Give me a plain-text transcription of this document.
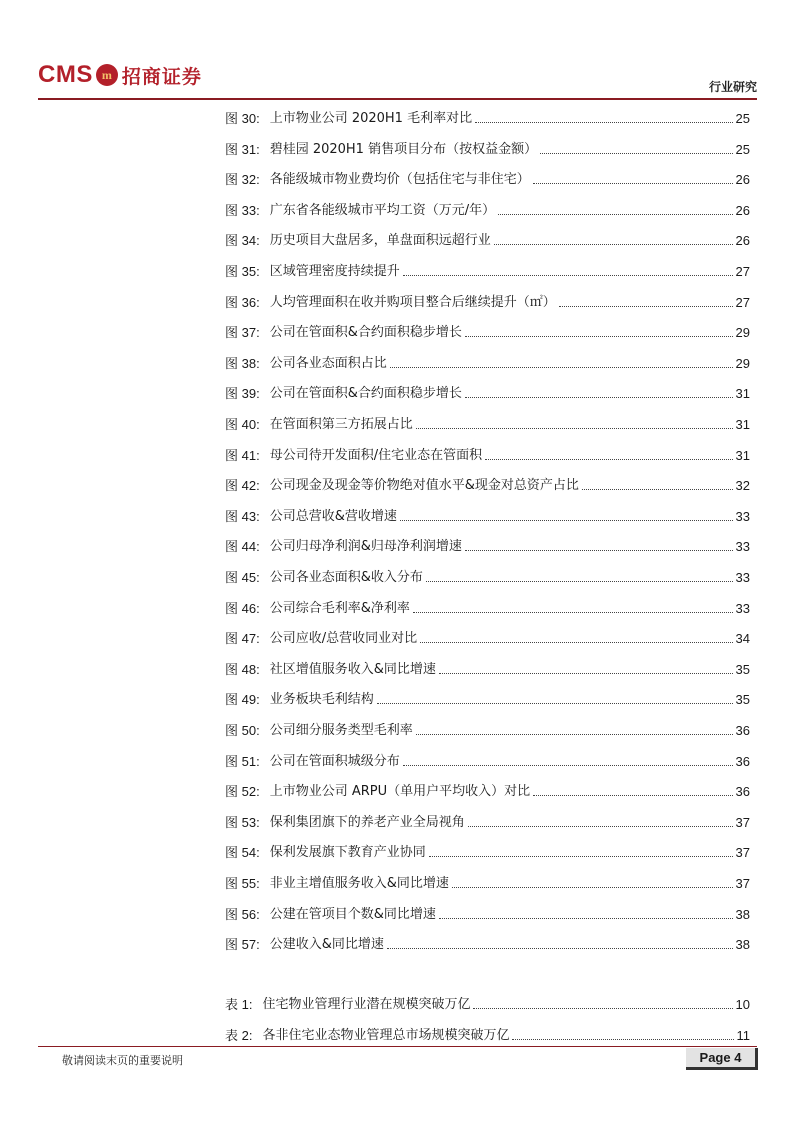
CMS m 招商证券	行业研究
图 30: 上市物业公司 2020H1 毛利率对比	25
图 31: 碧桂园 2020H1 销售项目分布（按权益金额）	25
图 32: 各能级城市物业费均价（包括住宅与非住宅）	26
图 33: 广东省各能级城市平均工资（万元/年）	26
图 34: 历史项目大盘居多，单盘面积远超行业	26
图 35: 区域管理密度持续提升	27
图 36: 人均管理面积在收并购项目整合后继续提升（㎡）	27
图 37: 公司在管面积&合约面积稳步增长	29
图 38: 公司各业态面积占比	29
图 39: 公司在管面积&合约面积稳步增长	31
图 40: 在管面积第三方拓展占比	31
图 41: 母公司待开发面积/住宅业态在管面积	31
图 42: 公司现金及现金等价物绝对值水平&现金对总资产占比	32
图 43: 公司总营收&营收增速	33
图 44: 公司归母净利润&归母净利润增速	33
图 45: 公司各业态面积&收入分布	33
图 46: 公司综合毛利率&净利率	33
图 47: 公司应收/总营收同业对比	34
图 48: 社区增值服务收入&同比增速	35
图 49: 业务板块毛利结构	35
图 50: 公司细分服务类型毛利率	36
图 51: 公司在管面积城级分布	36
图 52: 上市物业公司 ARPU（单用户平均收入）对比	36
图 53: 保利集团旗下的养老产业全局视角	37
图 54: 保利发展旗下教育产业协同	37
图 55: 非业主增值服务收入&同比增速	37
图 56: 公建在管项目个数&同比增速	38
图 57: 公建收入&同比增速	38
表 1: 住宅物业管理行业潜在规模突破万亿	10
表 2: 各非住宅业态物业管理总市场规模突破万亿	11
敬请阅读末页的重要说明	Page 4
